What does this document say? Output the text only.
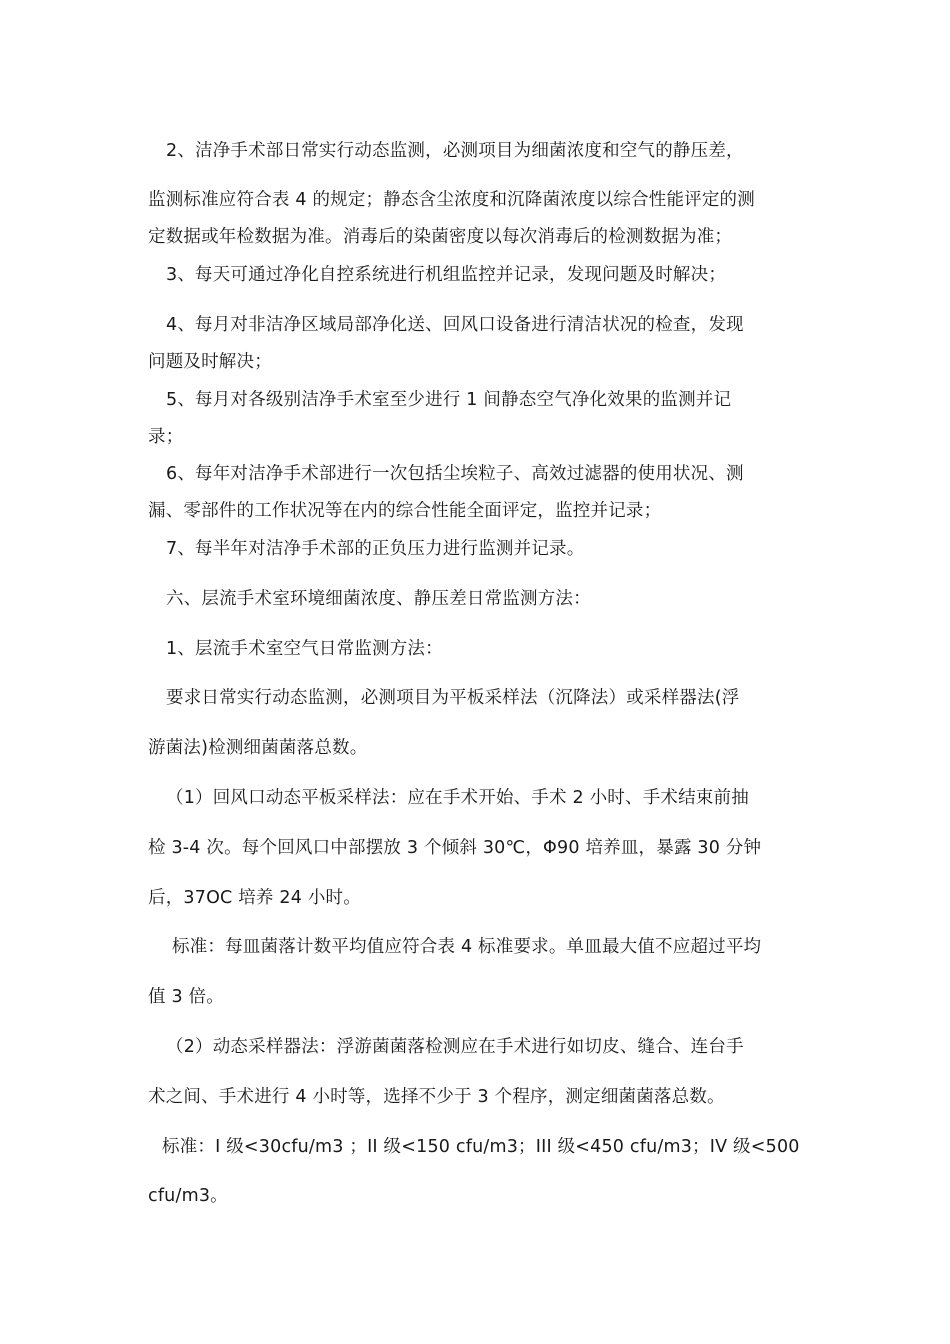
2、洁净手术部日常实行动态监测，必测项目为细菌浓度和空气的静压差，
监测标准应符合表 4 的规定；静态含尘浓度和沉降菌浓度以综合性能评定的测
定数据或年检数据为准。消毒后的染菌密度以每次消毒后的检测数据为准；
3、每天可通过净化自控系统进行机组监控并记录，发现问题及时解决；
4、每月对非洁净区域局部净化送、回风口设备进行清洁状况的检查，发现
问题及时解决；
5、每月对各级别洁净手术室至少进行 1 间静态空气净化效果的监测并记
录；
6、每年对洁净手术部进行一次包括尘埃粒子、高效过滤器的使用状况、测
漏、零部件的工作状况等在内的综合性能全面评定，监控并记录；
7、每半年对洁净手术部的正负压力进行监测并记录。
六、层流手术室环境细菌浓度、静压差日常监测方法：
1、层流手术室空气日常监测方法：
要求日常实行动态监测，必测项目为平板采样法（沉降法）或采样器法(浮
游菌法)检测细菌菌落总数。
（1）回风口动态平板采样法：应在手术开始、手术 2 小时、手术结束前抽
检 3-4 次。每个回风口中部摆放 3 个倾斜 30℃，Φ90 培养皿，暴露 30 分钟
后，37OC 培养 24 小时。
标准：每皿菌落计数平均值应符合表 4 标准要求。单皿最大值不应超过平均
值 3 倍。
（2）动态采样器法：浮游菌菌落检测应在手术进行如切皮、缝合、连台手
术之间、手术进行 4 小时等，选择不少于 3 个程序，测定细菌菌落总数。
标准：I 级<30cfu/m3 ；II 级<150 cfu/m3；III 级<450 cfu/m3；IV 级<500
cfu/m3。
